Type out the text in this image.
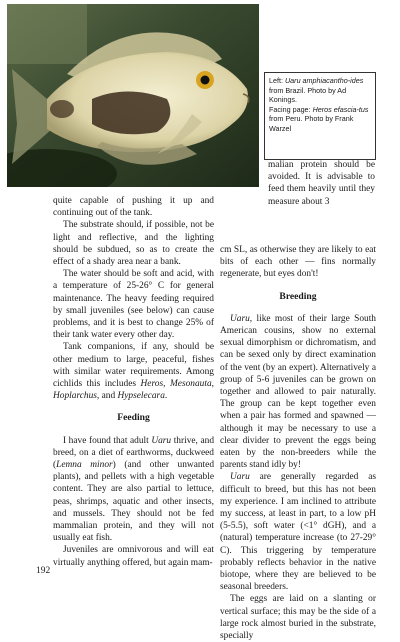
Left: Uaru amphiacantho-ides from Brazil. Photo by Ad Konings.

Facing page: Heros efascia-tus from Peru. Photo by Frank Warzel

malian protein should be avoided. It is advisable to feed them heavily until they measure about 3

quite capable of pushing it up and continuing out of the tank.

The substrate should, if possible, not be light and reflective, and the lighting should be subdued, so as to create the effect of a shady area near a bank.

The water should be soft and acid, with a temperature of 25-26° C for general maintenance. The heavy feeding required by small juveniles (see below) can cause problems, and it is best to change 25% of their tank water every other day.

Tank companions, if any, should be other medium to large, peaceful, fishes with similar water requirements. Among cichlids this includes Heros, Mesonauta, Hoplarchus, and Hypselecara.

Feeding

I have found that adult Uaru thrive, and breed, on a diet of earthworms, duckweed (Lemna minor) (and other unwanted plants), and pellets with a high vegetable content. They are also partial to lettuce, peas, shrimps, aquatic and other insects, and mussels. They should not be fed mammalian protein, and they will not usually eat fish.

Juveniles are omnivorous and will eat virtually anything offered, but again mam-

cm SL, as otherwise they are likely to eat bits of each other — fins normally regenerate, but eyes don't!

Breeding

Uaru, like most of their large South American cousins, show no external sexual dimorphism or dichromatism, and can be sexed only by direct examination of the vent (by an expert). Alternatively a group of 5-6 juveniles can be grown on together and allowed to pair naturally. The group can be kept together even when a pair has formed and spawned — although it may be necessary to use a clear divider to prevent the eggs being eaten by the non-breeders while the parents stand idly by!

Uaru are generally regarded as difficult to breed, but this has not been my experience. I am inclined to attribute my success, at least in part, to a low pH (5-5.5), soft water (<1° dGH), and a (natural) temperature increase (to 27-29° C). This triggering by temperature probably reflects behavior in the native biotope, where they are believed to be seasonal breeders.

The eggs are laid on a slanting or vertical surface; this may be the side of a large rock almost buried in the substrate, specially

192
